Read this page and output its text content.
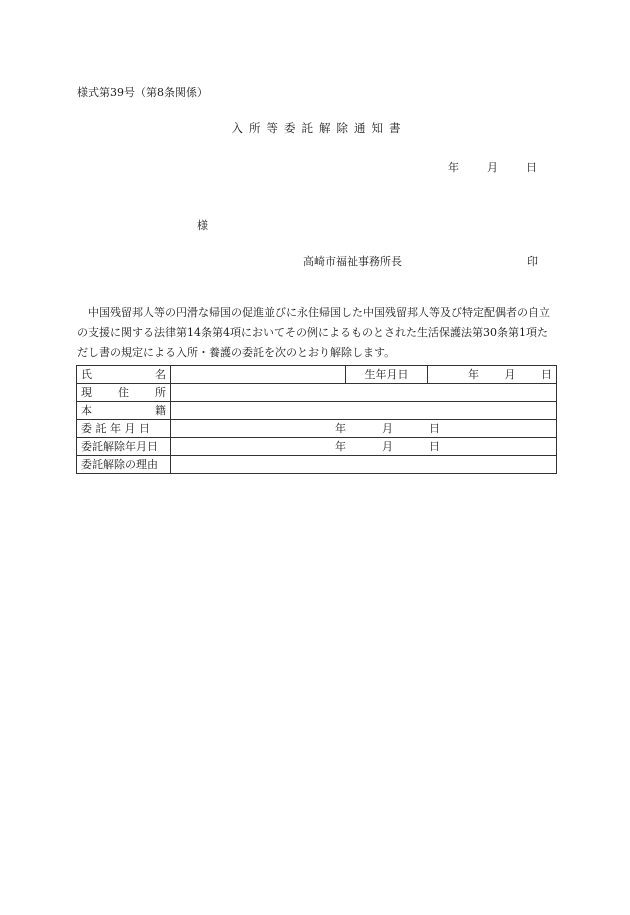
様式第39号（第8条関係）
入所等委託解除通知書
年	月	日
様
高崎市福祉事務所長	印
中国残留邦人等の円滑な帰国の促進並びに永住帰国した中国残留邦人等及び特定配偶者の自立の支援に関する法律第14条第4項においてその例によるものとされた生活保護法第30条第1項ただし書の規定による入所・養護の委託を次のとおり解除します。
氏 名		生年月日	年 月 日

現 住 所			

本 籍			

委 託 年 月 日	年 月 日		

委託解除年月日	年 月 日		

委託解除の理由			
